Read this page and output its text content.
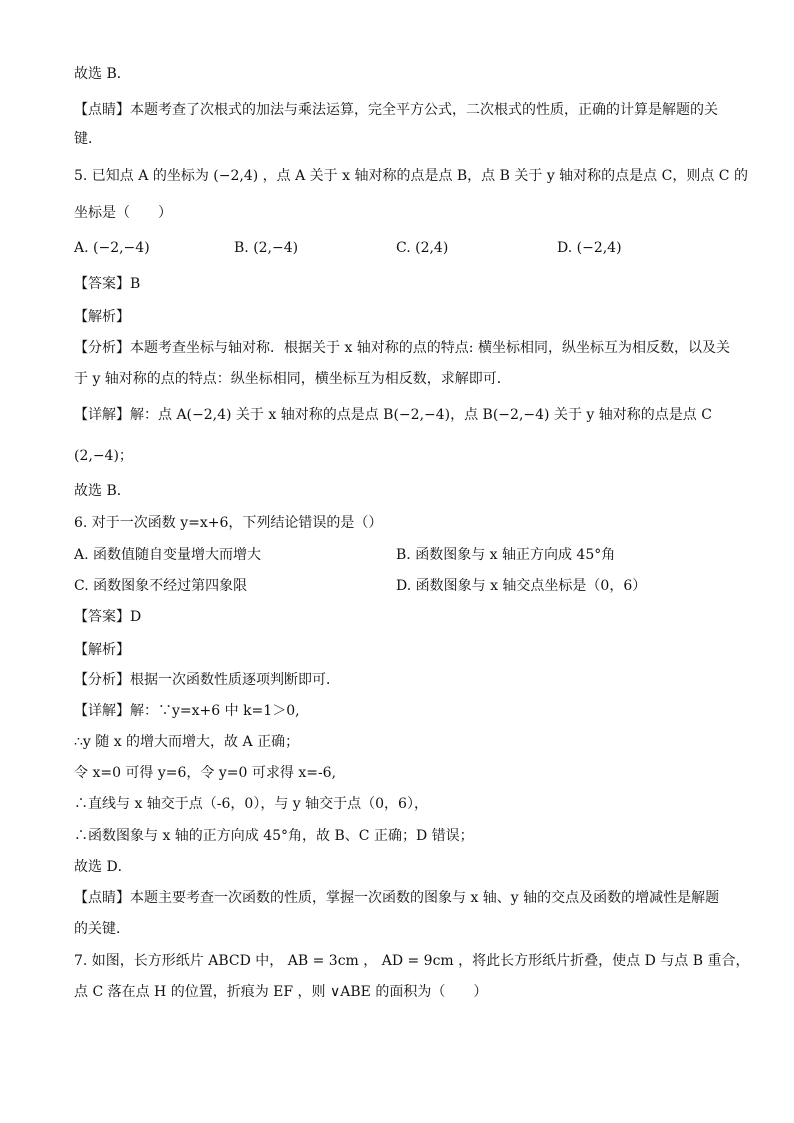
故选 B．
【点睛】本题考查了次根式的加法与乘法运算，完全平方公式，二次根式的性质，正确的计算是解题的关
键．
5. 已知点 A 的坐标为 (−2,4) ，点 A 关于 x 轴对称的点是点 B，点 B 关于 y 轴对称的点是点 C，则点 C 的
坐标是（　　）
A. (−2,−4)	B. (2,−4)	C. (2,4)	D. (−2,4)
【答案】B
【解析】
【分析】本题考查坐标与轴对称．根据关于 x 轴对称的点的特点: 横坐标相同，纵坐标互为相反数，以及关
于 y 轴对称的点的特点：纵坐标相同，横坐标互为相反数，求解即可．
【详解】解：点 A(−2,4) 关于 x 轴对称的点是点 B(−2,−4)，点 B(−2,−4) 关于 y 轴对称的点是点 C
(2,−4)；
故选 B．
6. 对于一次函数 y=x+6，下列结论错误的是（）
A. 函数值随自变量增大而增大	B. 函数图象与 x 轴正方向成 45°角
C. 函数图象不经过第四象限	D. 函数图象与 x 轴交点坐标是（0，6）
【答案】D
【解析】
【分析】根据一次函数性质逐项判断即可．
【详解】解：∵y=x+6 中 k=1＞0,
∴y 随 x 的增大而增大，故 A 正确；
令 x=0 可得 y=6，令 y=0 可求得 x=-6,
∴直线与 x 轴交于点（-6，0），与 y 轴交于点（0，6），
∴函数图象与 x 轴的正方向成 45°角，故 B、C 正确；D 错误；
故选 D．
【点睛】本题主要考查一次函数的性质，掌握一次函数的图象与 x 轴、y 轴的交点及函数的增减性是解题
的关键．
7. 如图，长方形纸片 ABCD 中， AB = 3cm ， AD = 9cm ，将此长方形纸片折叠，使点 D 与点 B 重合，
点 C 落在点 H 的位置，折痕为 EF ，则 ∨ABE 的面积为（　　）
